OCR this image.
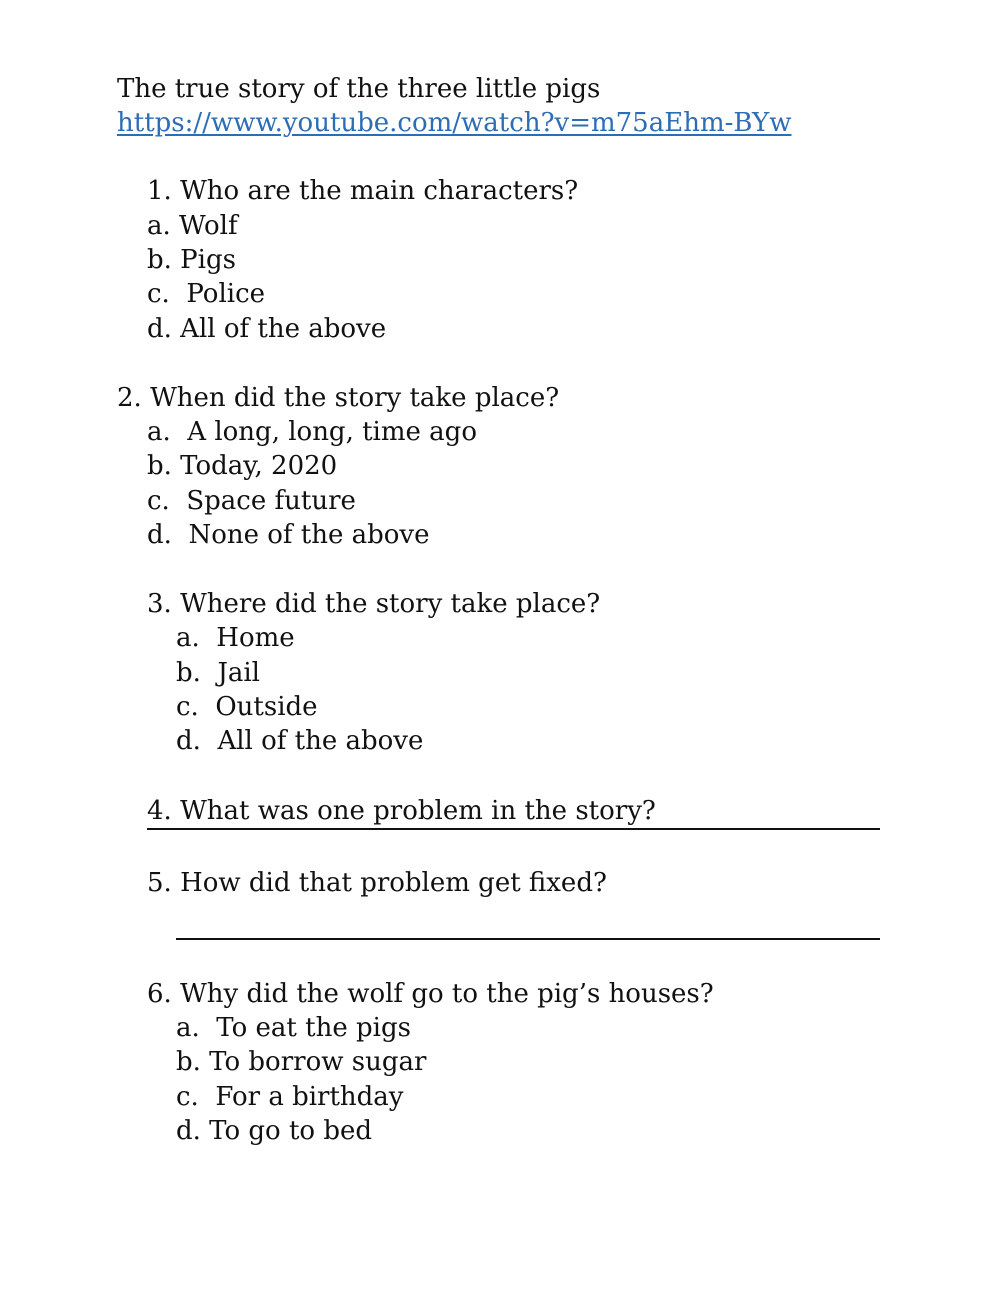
The true story of the three little pigs
https://www.youtube.com/watch?v=m75aEhm-BYw
1. Who are the main characters?
a. Wolf
b. Pigs
c.  Police
d. All of the above
2. When did the story take place?
a.  A long, long, time ago
b. Today, 2020
c.  Space future
d.  None of the above
3. Where did the story take place?
a.  Home
b.  Jail
c.  Outside
d.  All of the above
4. What was one problem in the story?
5. How did that problem get fixed?
6. Why did the wolf go to the pig’s houses?
a.  To eat the pigs
b. To borrow sugar
c.  For a birthday
d. To go to bed
